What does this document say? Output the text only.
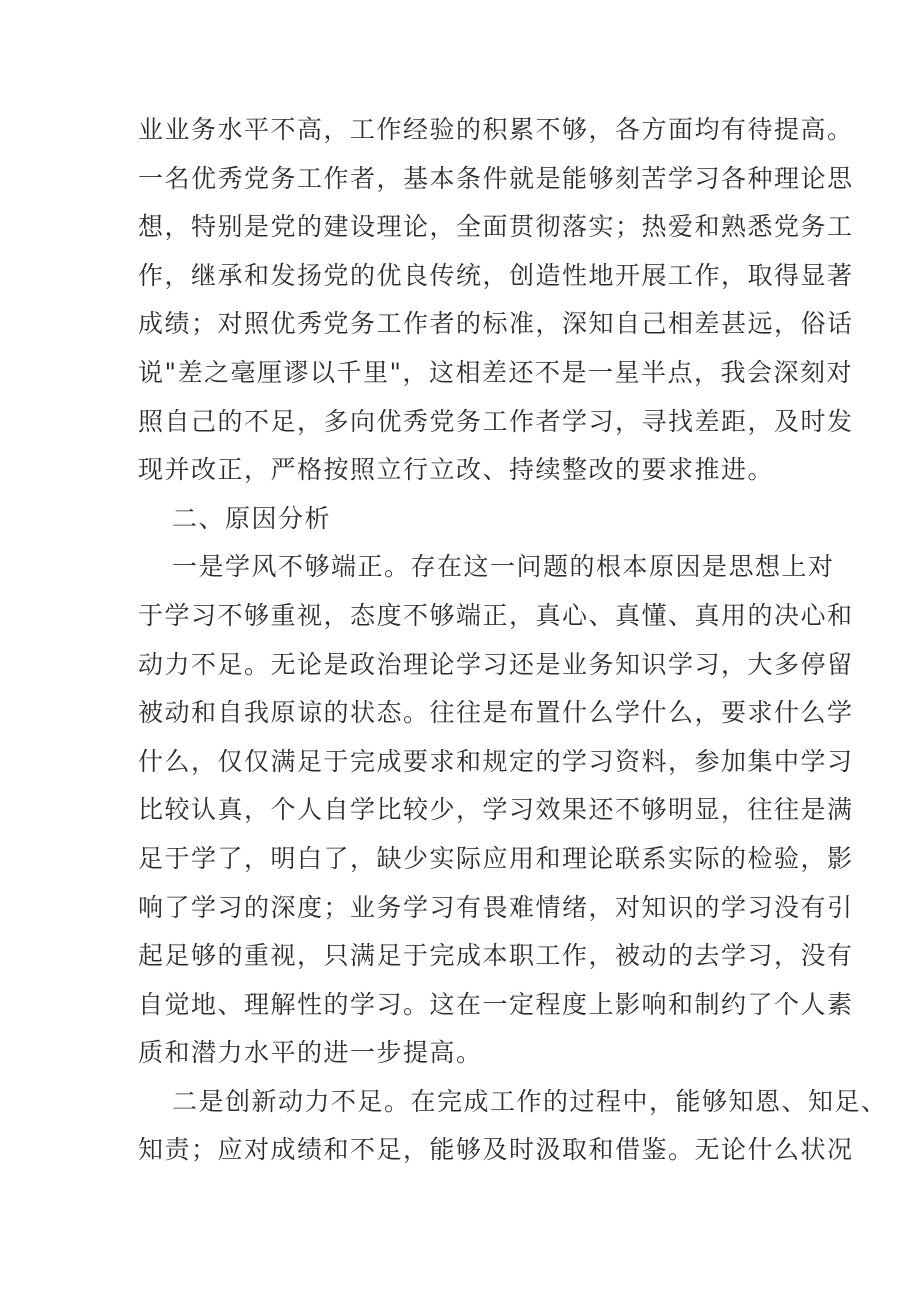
业业务水平不高，工作经验的积累不够，各方面均有待提高。
一名优秀党务工作者，基本条件就是能够刻苦学习各种理论思
想，特别是党的建设理论，全面贯彻落实；热爱和熟悉党务工
作，继承和发扬党的优良传统，创造性地开展工作，取得显著
成绩；对照优秀党务工作者的标准，深知自己相差甚远，俗话
说"差之毫厘谬以千里"，这相差还不是一星半点，我会深刻对
照自己的不足，多向优秀党务工作者学习，寻找差距，及时发
现并改正，严格按照立行立改、持续整改的要求推进。
二、原因分析
一是学风不够端正。存在这一问题的根本原因是思想上对
于学习不够重视，态度不够端正，真心、真懂、真用的决心和
动力不足。无论是政治理论学习还是业务知识学习，大多停留
被动和自我原谅的状态。往往是布置什么学什么，要求什么学
什么，仅仅满足于完成要求和规定的学习资料，参加集中学习
比较认真，个人自学比较少，学习效果还不够明显，往往是满
足于学了，明白了，缺少实际应用和理论联系实际的检验，影
响了学习的深度；业务学习有畏难情绪，对知识的学习没有引
起足够的重视，只满足于完成本职工作，被动的去学习，没有
自觉地、理解性的学习。这在一定程度上影响和制约了个人素
质和潜力水平的进一步提高。
二是创新动力不足。在完成工作的过程中，能够知恩、知足、
知责；应对成绩和不足，能够及时汲取和借鉴。无论什么状况
